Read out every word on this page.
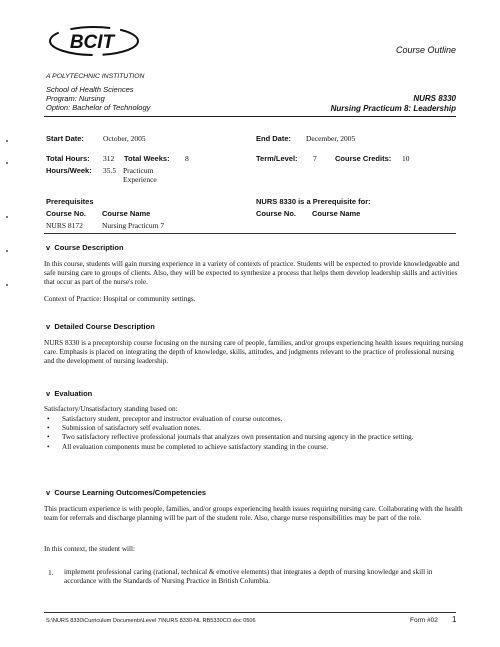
BCIT
A POLYTECHNIC INSTITUTION
Course Outline
School of Health Sciences
Program: Nursing
Option: Bachelor of Technology
NURS 8330
Nursing Practicum 8: Leadership
Start Date:	October, 2005	End Date: December, 2005
Total Hours: 312 Total Weeks: 8	Term/Level: 7 Course Credits: 10
Hours/Week: 35.5 Practicum Experience
Prerequisites	NURS 8330 is a Prerequisite for:
Course No. Course Name	Course No. Course Name
NURS 8172	Nursing Practicum 7
v  Course Description
In this course, students will gain nursing experience in a variety of contexts of practice. Students will be expected to provide knowledgeable and safe nursing care to groups of clients. Also, they will be expected to synthesize a process that helps them develop leadership skills and activities that occur as part of the nurse's role.
Context of Practice: Hospital or community settings.
v  Detailed Course Description
NURS 8330 is a preceptorship course focusing on the nursing care of people, families, and/or groups experiencing health issues requiring nursing care. Emphasis is placed on integrating the depth of knowledge, skills, attitudes, and judgments relevant to the practice of professional nursing and the development of nursing leadership.
v  Evaluation
Satisfactory/Unsatisfactory standing based on:
• Satisfactory student, preceptor and instructor evaluation of course outcomes.
• Submission of satisfactory self evaluation notes.
• Two satisfactory reflective professional journals that analyzes own presentation and nursing agency in the practice setting.
• All evaluation components must be completed to achieve satisfactory standing in the course.
v  Course Learning Outcomes/Competencies
This practicum experience is with people, families, and/or groups experiencing health issues requiring nursing care. Collaborating with the health team for referrals and discharge planning will be part of the student role. Also, charge nurse responsibilities may be part of the role.
In this context, the student will:
1. implement professional caring (rational, technical & emotive elements) that integrates a depth of nursing knowledge and skill in accordance with the Standards of Nursing Practice in British Columbia.
S:\NURS 8330\Curriculum Documents\Level 7\NURS 8330-NL RB5330CO.doc 0506	Form #02 1
